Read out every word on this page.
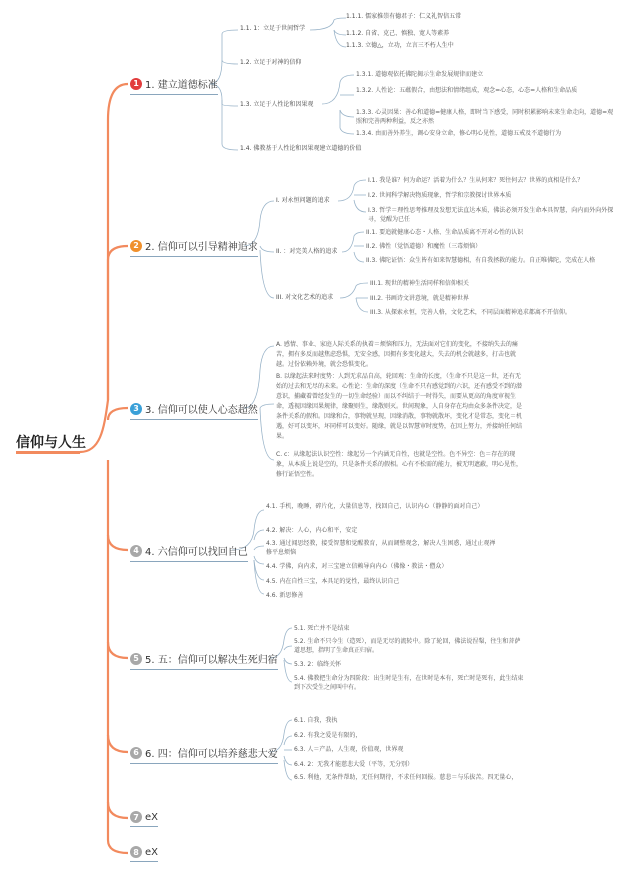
信仰与人生
1 1. 建立道德标准
1.1. 1：立足于世间哲学
1.1.1. 儒家推崇有德君子：仁义礼智信五常
1.1.2. 自省、克己、慎独、宽人等素养
1.1.3. 立德△，立功，立言三不朽人生中
1.2. 立足于对神的信仰
1.3. 立足于人性论和因果观
1.3.1. 道德观依托佛陀揭示生命发展规律而建立
1.3.2. 人性论：五蕴假合，由想法和情绪组成，观念=心态，心态=人格和生命品质
1.3.3. 心灵因果：善心和道德=健康人格，即时当下感受，同时积累影响未来生命走向，道德=观照和完善两种利益，反之亦然
1.3.4. 由而善外养生，调心安身立命，修心明心见性，道德五戒及不道德行为
1.4. 佛教基于人性论和因果观建立道德的价值
2 2. 信仰可以引导精神追求
I. 对永恒问题的追求
I.1. 我是谁？何为命运？活着为什么？生从何来？死往何去？世界的真相是什么？
I.2. 世间科学解决物质现象，哲学和宗教探讨世界本质
I.3. 哲学＝理性思考推理及发想无法直达本质，佛法必须开发生命本具智慧，向内而外向外探寻，觉醒为已任
II. ：对完美人格的追求
II.1. 要追就健康心态・人格、生命品质离不开对心性的认识
II.2. 佛性（觉悟道德）和魔性（三毒烦恼）
II.3. 佛陀证悟：众生皆有如来智慧德相，有自我拯救的能力。自正唯佛陀，完成在人格
III. 对文化艺术的追求
III.1. 现世的精神生活同样和信仰相关
III.2. 书画诗文讲意境，就是精神世界
III.3. 从探索永恒，完善人格，文化艺术，不同层面精神追求都离不开信仰。
3 3. 信仰可以使人心态超然
A. 感情、事业、家庭人际关系的执着＝烦恼和压力，无法面对它们的变化，不接纳失去的痛苦，拥有多反而越焦虑恐惧，无安全感，因拥有多变化越大，失去的机会就越多，打击也就越。过份依赖外境，就会恐惧变化。
B. 以缘起法来时度势：人到无求品自高，轮回观：生命的长度，（生命不只是这一世，还有无始的过去和无尽的未来。心性论：生命的深度（生命不只有感觉到的六识，还有感受不到的潜意识，捕藏着曾经发生的一切生命经验）而以不纠结于一时得失，而要从更高的角度审视生命，透视因缘因果规律，缘聚则生，缘散则灭。世间现象，人自身存在均由众多条件决定，是条件关系的假和。因缘和合，事物就呈现，因缘消散，事物就散坏，变化才是常态，变化＝机遇，好可以变坏，坏同样可以变好。随缘，就是以智慧审时度势，在因上努力，并接纳任何结果。
C. c：从缘起法认识空性：缘起另一个内涵无自性，也就是空性。色不异空：色＝存在的现象，从本质上说是空的，只是条件关系的假相。心有不松需的能力，被无明遮蔽，明心见性，修行证悟空性。
4 4. 六信仰可以找回自己
4.1. 手机，晚睡，碎片化，大量信息等，找回自己，认识内心（静静的面对自己）
4.2. 解决：人心，内心和平，安定
4.3. 通过闻思经教，接受智慧和觉醒教育，从而调整观念，解决人生困惑，通过止观禅修平息烦恼
4.4. 学佛，向内求，对三宝建立信赖导向内心（佛像・教法・僧众）
4.5. 内在自性三宝，本具足的觉性，最终认识自己
4.6. 新思修善
5 5. 五：信仰可以解决生死归宿
5.1. 死亡并不是结束
5.2. 生命不只今生（造死），而是无尽的流转中。除了轮回，佛法说涅槃，往生和菩萨道思想，指明了生命真正归宿。
5.3. 2：临终关怀
5.4. 佛教把生命分为四阶段：出生时是生有，在世时是本有，死亡时是死有，此生结束到下次受生之间叫中有。
6 6. 四：信仰可以培养慈悲大爱
6.1. 自我，我执
6.2. 有我之爱是有限的，
6.3. 人＝产品，人生观，价值观，世界观
6.4. 2：无我才能慈悲大爱（平等，无分别）
6.5. 利他，无条件帮助，无任何期待，不求任何回报。慈悲＝与乐拔苦。四无量心，
7 eX
8 eX
